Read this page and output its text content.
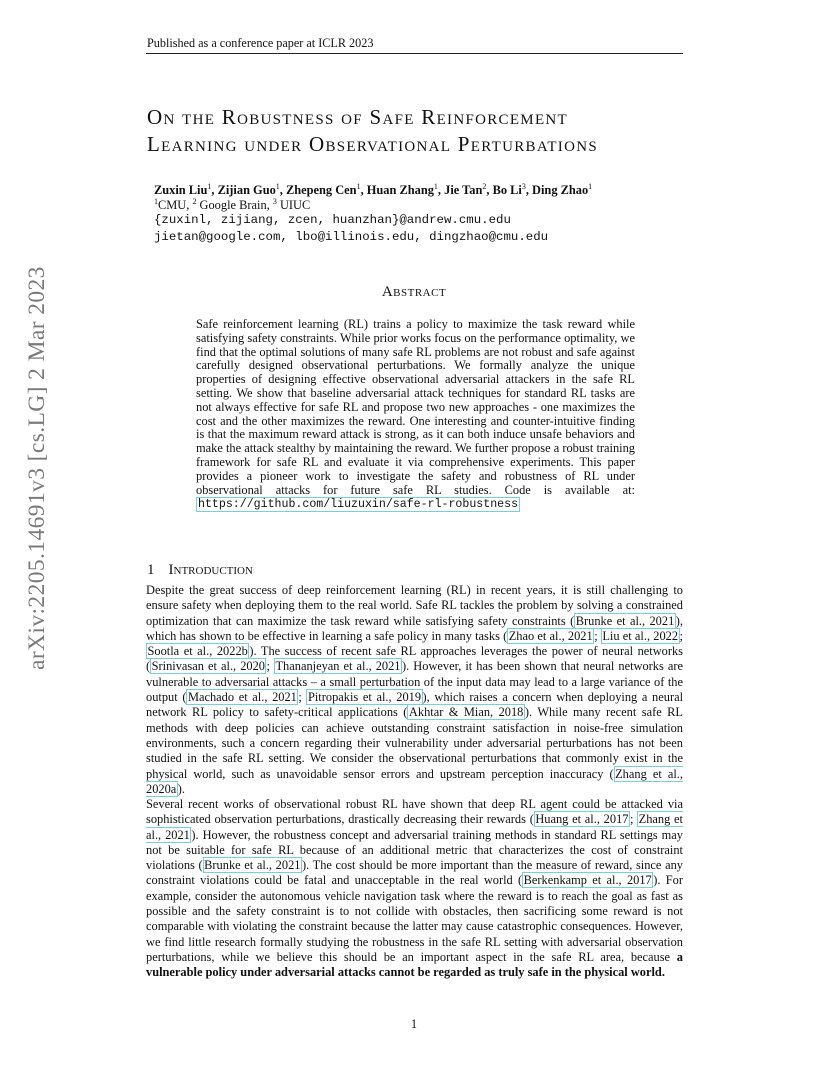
arXiv:2205.14691v3 [cs.LG] 2 Mar 2023
Published as a conference paper at ICLR 2023
On the Robustness of Safe Reinforcement
Learning under Observational Perturbations
Zuxin Liu$^1$, Zijian Guo$^1$, Zhepeng Cen$^1$, Huan Zhang$^1$, Jie Tan$^2$, Bo Li$^3$, Ding Zhao$^1$
$^1$CMU, $^2$ Google Brain, $^3$ UIUC
{zuxinl, zijiang, zcen, huanzhan}@andrew.cmu.edu
jietan@google.com, lbo@illinois.edu, dingzhao@cmu.edu
Abstract
Safe reinforcement learning (RL) trains a policy to maximize the task reward while satisfying safety constraints. While prior works focus on the performance optimality, we find that the optimal solutions of many safe RL problems are not robust and safe against carefully designed observational perturbations. We formally analyze the unique properties of designing effective observational adversarial attackers in the safe RL setting. We show that baseline adversarial attack techniques for standard RL tasks are not always effective for safe RL and propose two new approaches - one maximizes the cost and the other maximizes the reward. One interesting and counter-intuitive finding is that the maximum reward attack is strong, as it can both induce unsafe behaviors and make the attack stealthy by maintaining the reward. We further propose a robust training framework for safe RL and evaluate it via comprehensive experiments. This paper provides a pioneer work to investigate the safety and robustness of RL under observational attacks for future safe RL studies. Code is available at: https://github.com/liuzuxin/safe-rl-robustness
1 Introduction
Despite the great success of deep reinforcement learning (RL) in recent years, it is still challenging to ensure safety when deploying them to the real world. Safe RL tackles the problem by solving a constrained optimization that can maximize the task reward while satisfying safety constraints ( Brunke et al., 2021 ), which has shown to be effective in learning a safe policy in many tasks ( Zhao et al., 2021 ; Liu et al., 2022 ; Sootla et al., 2022b ). The success of recent safe RL approaches leverages the power of neural networks ( Srinivasan et al., 2020 ; Thananjeyan et al., 2021 ). However, it has been shown that neural networks are vulnerable to adversarial attacks – a small perturbation of the input data may lead to a large variance of the output ( Machado et al., 2021 ; Pitropakis et al., 2019 ), which raises a concern when deploying a neural network RL policy to safety-critical applications ( Akhtar & Mian, 2018 ). While many recent safe RL methods with deep policies can achieve outstanding constraint satisfaction in noise-free simulation environments, such a concern regarding their vulnerability under adversarial perturbations has not been studied in the safe RL setting. We consider the observational perturbations that commonly exist in the physical world, such as unavoidable sensor errors and upstream perception inaccuracy ( Zhang et al., 2020a ).
Several recent works of observational robust RL have shown that deep RL agent could be attacked via sophisticated observation perturbations, drastically decreasing their rewards ( Huang et al., 2017 ; Zhang et al., 2021 ). However, the robustness concept and adversarial training methods in standard RL settings may not be suitable for safe RL because of an additional metric that characterizes the cost of constraint violations ( Brunke et al., 2021 ). The cost should be more important than the measure of reward, since any constraint violations could be fatal and unacceptable in the real world ( Berkenkamp et al., 2017 ). For example, consider the autonomous vehicle navigation task where the reward is to reach the goal as fast as possible and the safety constraint is to not collide with obstacles, then sacrificing some reward is not comparable with violating the constraint because the latter may cause catastrophic consequences. However, we find little research formally studying the robustness in the safe RL setting with adversarial observation perturbations, while we believe this should be an important aspect in the safe RL area, because a vulnerable policy under adversarial attacks cannot be regarded as truly safe in the physical world.
1
